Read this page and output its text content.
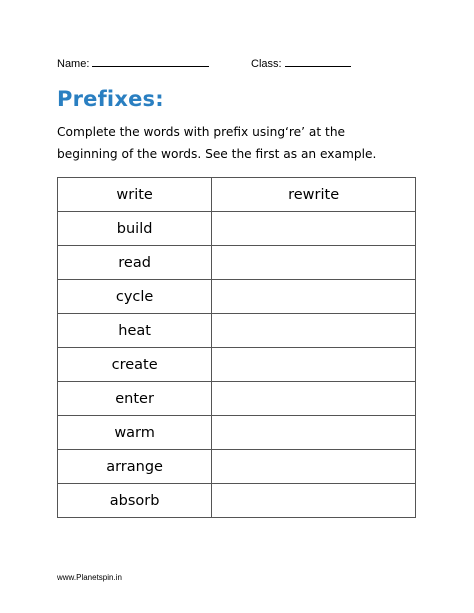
Name:	Class:
Prefixes:
Complete the words with prefix using‘re’ at the
beginning of the words. See the first as an example.
write	rewrite
build	
read	
cycle	
heat	
create	
enter	
warm	
arrange	
absorb	
www.Planetspin.in
